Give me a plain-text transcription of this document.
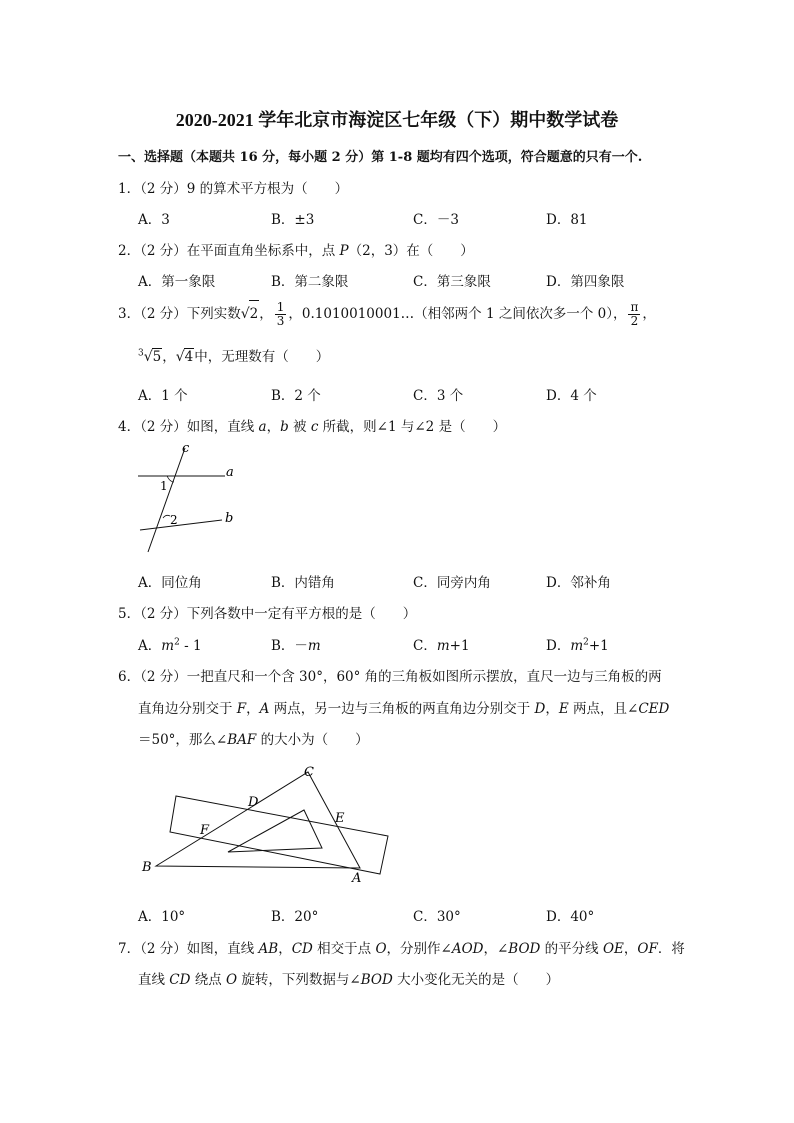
2020-2021 学年北京市海淀区七年级（下）期中数学试卷
一、选择题（本题共 16 分，每小题 2 分）第 1-8 题均有四个选项，符合题意的只有一个.
1．（2 分）9 的算术平方根为（　　）
A．3	B．±3	C．－3	D．81
2．（2 分）在平面直角坐标系中，点 P（2，3）在（　　）
A．第一象限	B．第二象限	C．第三象限	D．第四象限
3．（2 分）下列实数√2， $\frac{1}{3}$ ，0.1010010001…（相邻两个 1 之间依次多一个 0）， $\frac{\pi}{2}$ ，
$^3$√5，√4中，无理数有（　　）
A．1 个	B．2 个	C．3 个	D．4 个
4．（2 分）如图，直线 a，b 被 c 所截，则∠1 与∠2 是（　　）
c
a
b
1
2
A．同位角	B．内错角	C．同旁内角	D．邻补角
5．（2 分）下列各数中一定有平方根的是（　　）
A．$m^2 - 1$	B．－m	C．m+1	D．$m^2+1$
6．（2 分）一把直尺和一个含 30°，60° 角的三角板如图所示摆放，直尺一边与三角板的两
直角边分别交于 F，A 两点，另一边与三角板的两直角边分别交于 D，E 两点，且∠CED
＝50°，那么∠BAF 的大小为（　　）
C
D
E
F
B
A
A．10°	B．20°	C．30°	D．40°
7．（2 分）如图，直线 AB，CD 相交于点 O，分别作∠AOD，∠BOD 的平分线 OE，OF．将
直线 CD 绕点 O 旋转，下列数据与∠BOD 大小变化无关的是（　　）
